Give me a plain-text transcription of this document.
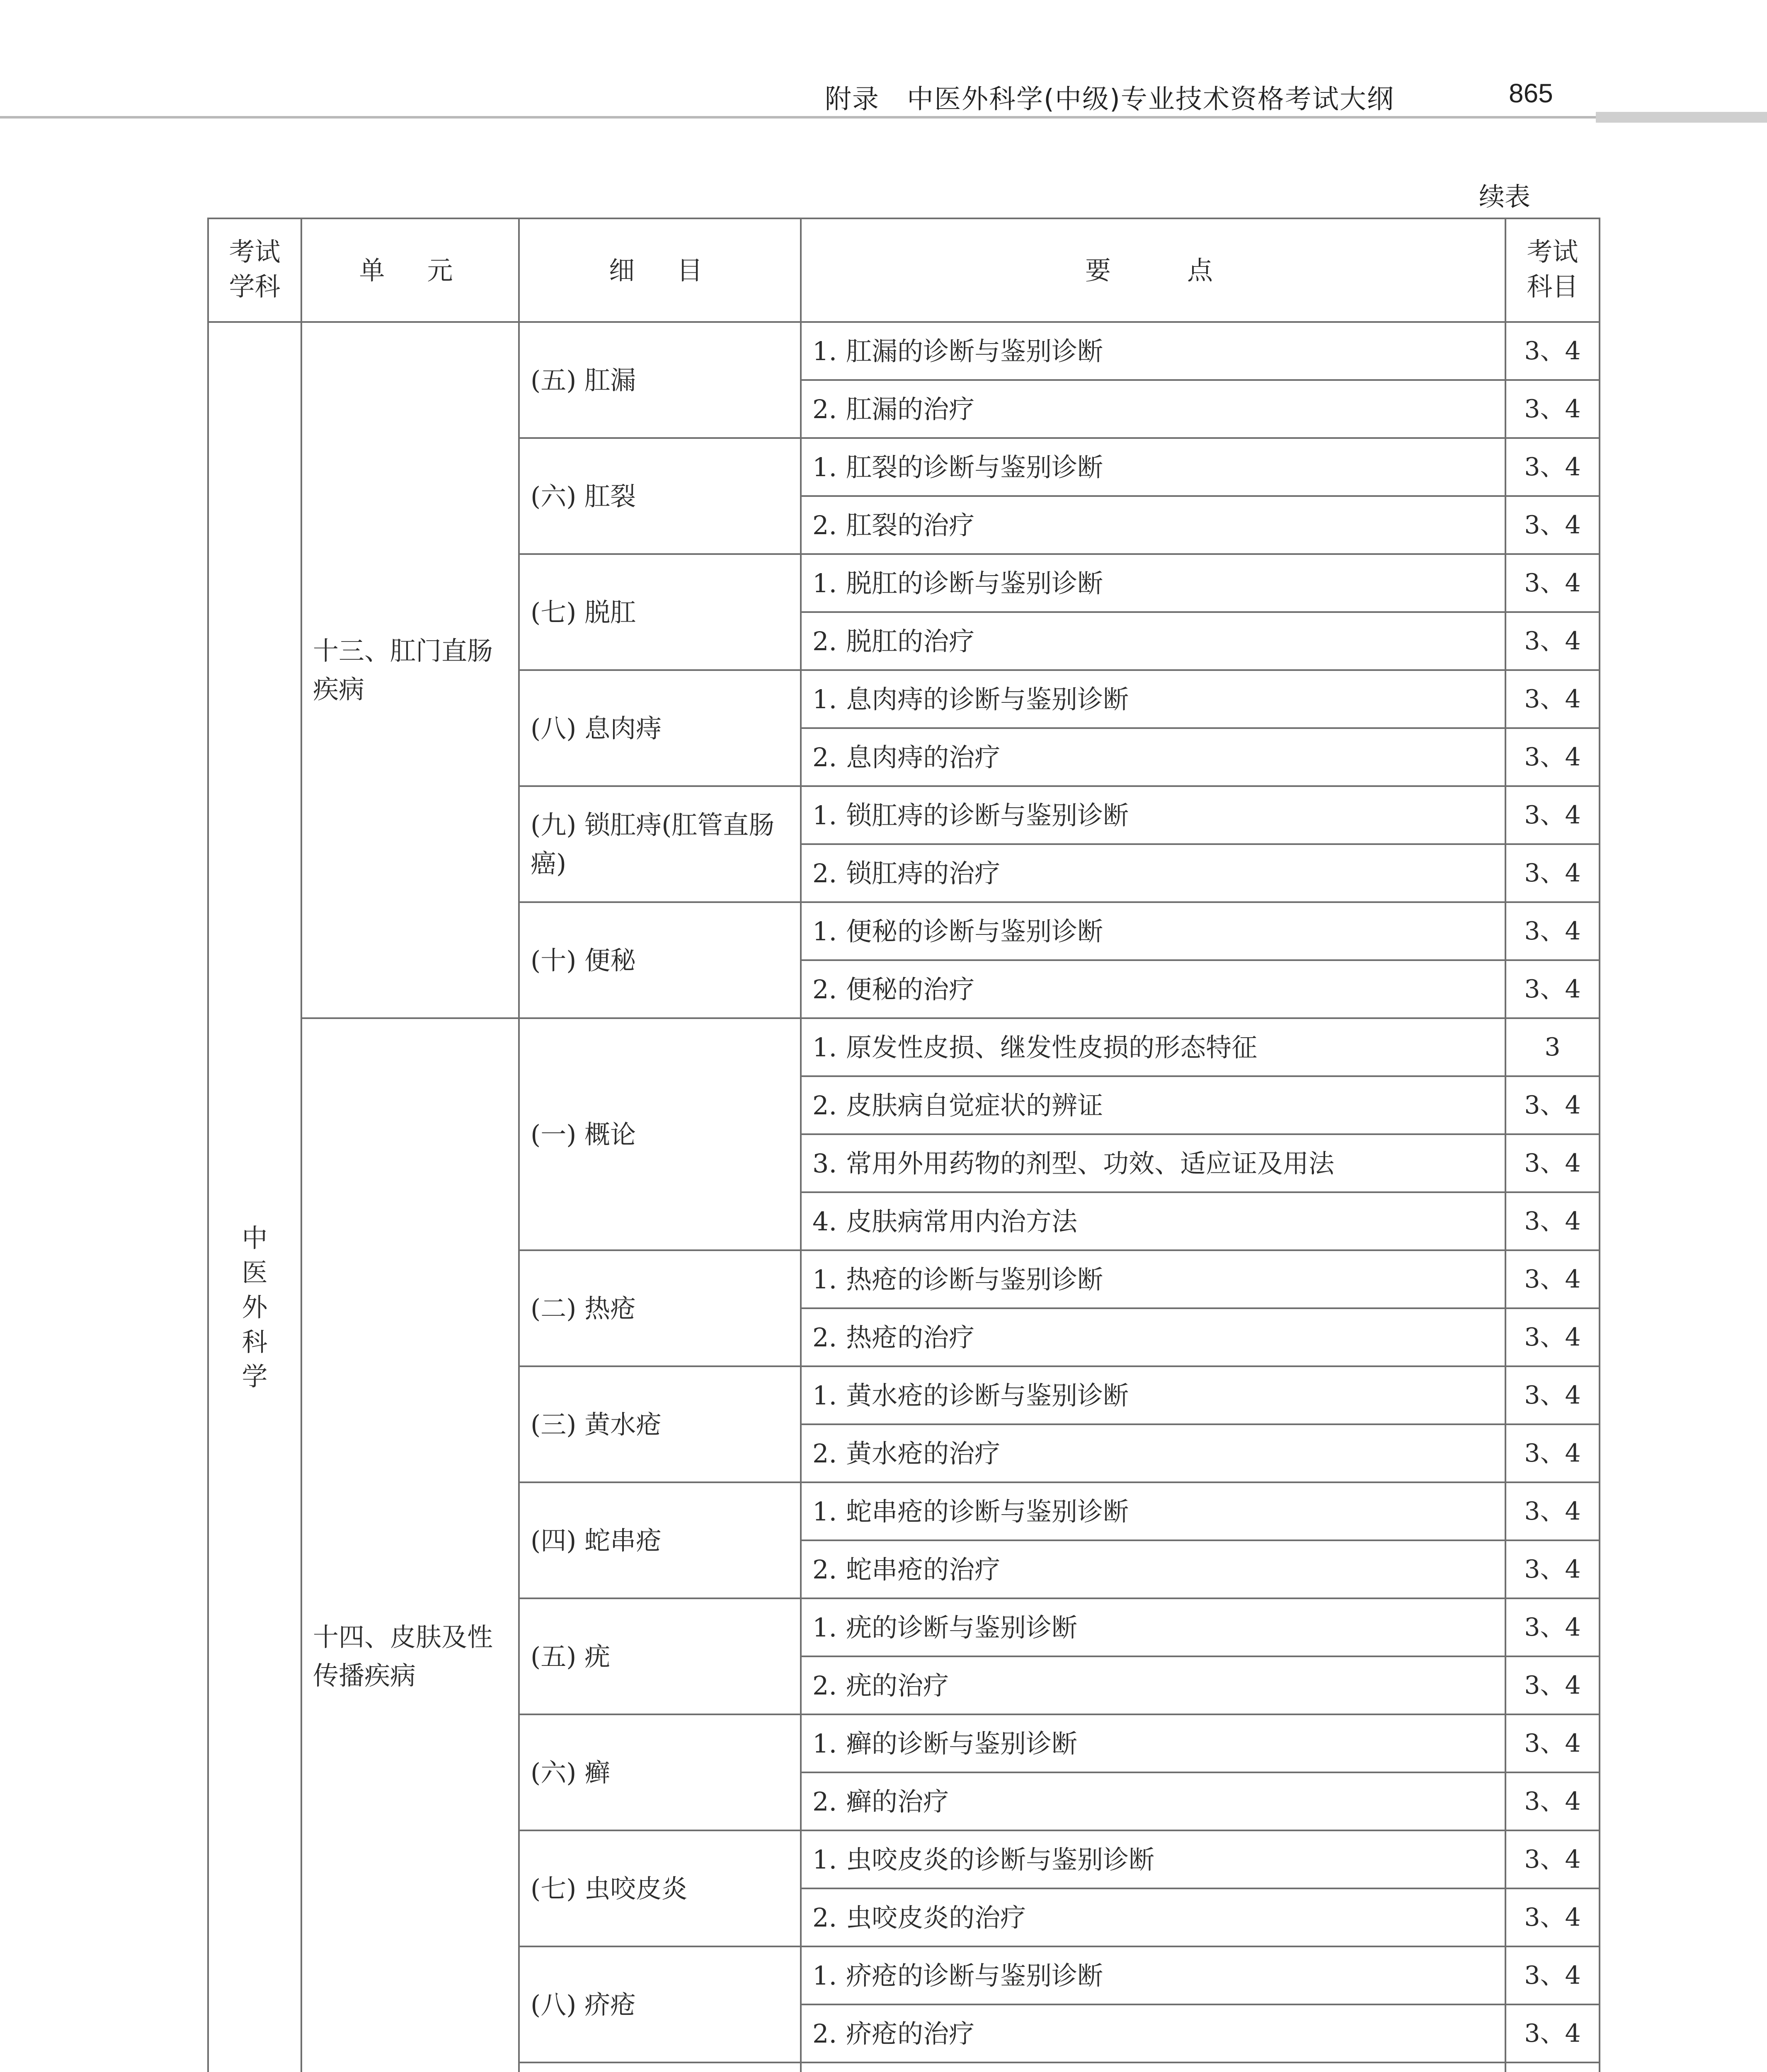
附录　中医外科学(中级)专业技术资格考试大纲	865
续表
考试学科	单　元	细　目	要　　点	考试科目
中医外科学	十三、肛门直肠疾病	(五) 肛漏	1. 肛漏的诊断与鉴别诊断	3、4
			2. 肛漏的治疗	3、4
		(六) 肛裂	1. 肛裂的诊断与鉴别诊断	3、4
			2. 肛裂的治疗	3、4
		(七) 脱肛	1. 脱肛的诊断与鉴别诊断	3、4
			2. 脱肛的治疗	3、4
		(八) 息肉痔	1. 息肉痔的诊断与鉴别诊断	3、4
			2. 息肉痔的治疗	3、4
		(九) 锁肛痔(肛管直肠癌)	1. 锁肛痔的诊断与鉴别诊断	3、4
			2. 锁肛痔的治疗	3、4
		(十) 便秘	1. 便秘的诊断与鉴别诊断	3、4
			2. 便秘的治疗	3、4
	十四、皮肤及性传播疾病	(一) 概论	1. 原发性皮损、继发性皮损的形态特征	3
			2. 皮肤病自觉症状的辨证	3、4
			3. 常用外用药物的剂型、功效、适应证及用法	3、4
			4. 皮肤病常用内治方法	3、4
		(二) 热疮	1. 热疮的诊断与鉴别诊断	3、4
			2. 热疮的治疗	3、4
		(三) 黄水疮	1. 黄水疮的诊断与鉴别诊断	3、4
			2. 黄水疮的治疗	3、4
		(四) 蛇串疮	1. 蛇串疮的诊断与鉴别诊断	3、4
			2. 蛇串疮的治疗	3、4
		(五) 疣	1. 疣的诊断与鉴别诊断	3、4
			2. 疣的治疗	3、4
		(六) 癣	1. 癣的诊断与鉴别诊断	3、4
			2. 癣的治疗	3、4
		(七) 虫咬皮炎	1. 虫咬皮炎的诊断与鉴别诊断	3、4
			2. 虫咬皮炎的治疗	3、4
		(八) 疥疮	1. 疥疮的诊断与鉴别诊断	3、4
			2. 疥疮的治疗	3、4
